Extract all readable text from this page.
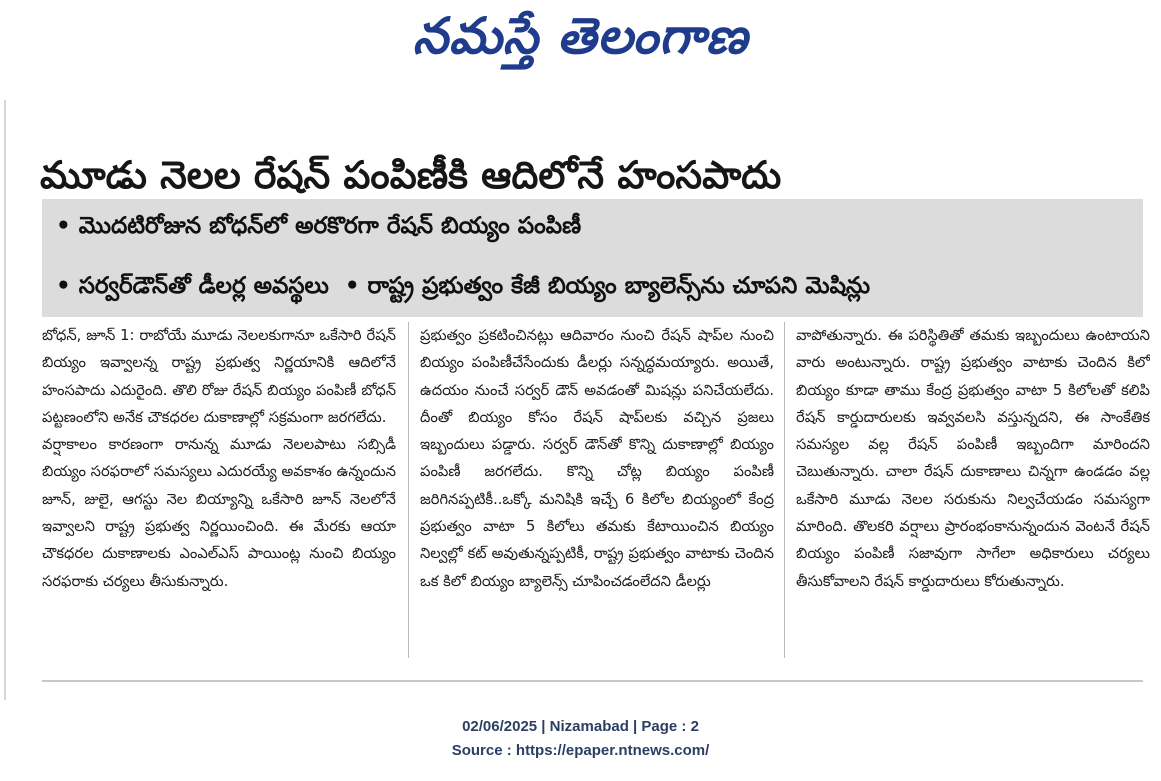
నమస్తే తెలంగాణ
మూడు నెలల రేషన్ పంపిణీకి ఆదిలోనే హంసపాదు
• మొదటిరోజున బోధన్‌లో అరకొరగా రేషన్ బియ్యం పంపిణీ
• సర్వర్‌డౌన్‌తో డీలర్ల అవస్థలు • రాష్ట్ర ప్రభుత్వం కేజీ బియ్యం బ్యాలెన్స్‌ను చూపని మెషిన్లు

బోధన్, జూన్ 1: రాబోయే మూడు నెలలకుగానూ ఒకేసారి రేషన్ బియ్యం ఇవ్వాలన్న రాష్ట్ర ప్రభుత్వ నిర్ణయానికి ఆదిలోనే హంసపాదు ఎదురైంది. తొలి రోజు రేషన్ బియ్యం పంపిణీ బోధన్ పట్టణంలోని అనేక చౌకధరల దుకాణాల్లో సక్రమంగా జరగలేదు.

వర్షాకాలం కారణంగా రానున్న మూడు నెలలపాటు సబ్సిడీ బియ్యం సరఫరాలో సమస్యలు ఎదురయ్యే అవకాశం ఉన్నందున జూన్, జులై, ఆగస్టు నెల బియ్యాన్ని ఒకేసారి జూన్ నెలలోనే ఇవ్వాలని రాష్ట్ర ప్రభుత్వ నిర్ణయించింది. ఈ మేరకు ఆయా చౌకధరల దుకాణాలకు ఎంఎల్ఎస్ పాయింట్ల నుంచి బియ్యం సరఫరాకు చర్యలు తీసుకున్నారు.

ప్రభుత్వం ప్రకటించినట్లు ఆదివారం నుంచి రేషన్ షాప్‌ల నుంచి బియ్యం పంపిణీచేసేందుకు డీలర్లు సన్నద్ధమయ్యారు. అయితే, ఉదయం నుంచే సర్వర్ డౌన్ అవడంతో మిషన్లు పనిచేయలేదు. దీంతో బియ్యం కోసం రేషన్ షాప్‌లకు వచ్చిన ప్రజలు ఇబ్బందులు పడ్డారు. సర్వర్ డౌన్‌తో కొన్ని దుకాణాల్లో బియ్యం పంపిణీ జరగలేదు. కొన్ని చోట్ల బియ్యం పంపిణీ జరిగినప్పటికీ..ఒక్కో మనిషికి ఇచ్చే 6 కిలోల బియ్యంలో కేంద్ర ప్రభుత్వం వాటా 5 కిలోలు తమకు కేటాయించిన బియ్యం నిల్వల్లో కట్ అవుతున్నప్పటికీ, రాష్ట్ర ప్రభుత్వం వాటాకు చెందిన ఒక కిలో బియ్యం బ్యాలెన్స్ చూపించడంలేదని డీలర్లు

వాపోతున్నారు. ఈ పరిస్థితితో తమకు ఇబ్బందులు ఉంటాయని వారు అంటున్నారు. రాష్ట్ర ప్రభుత్వం వాటాకు చెందిన కిలో బియ్యం కూడా తాము కేంద్ర ప్రభుత్వం వాటా 5 కిలోలతో కలిపి రేషన్ కార్డుదారులకు ఇవ్వవలసి వస్తున్నదని, ఈ సాంకేతిక సమస్యల వల్ల రేషన్ పంపిణీ ఇబ్బందిగా మారిందని చెబుతున్నారు. చాలా రేషన్ దుకాణాలు చిన్నగా ఉండడం వల్ల ఒకేసారి మూడు నెలల సరుకును నిల్వచేయడం సమస్యగా మారింది. తొలకరి వర్షాలు ప్రారంభంకానున్నందున వెంటనే రేషన్ బియ్యం పంపిణీ సజావుగా సాగేలా అధికారులు చర్యలు తీసుకోవాలని రేషన్ కార్డుదారులు కోరుతున్నారు.

02/06/2025 | Nizamabad | Page : 2
Source : https://epaper.ntnews.com/
